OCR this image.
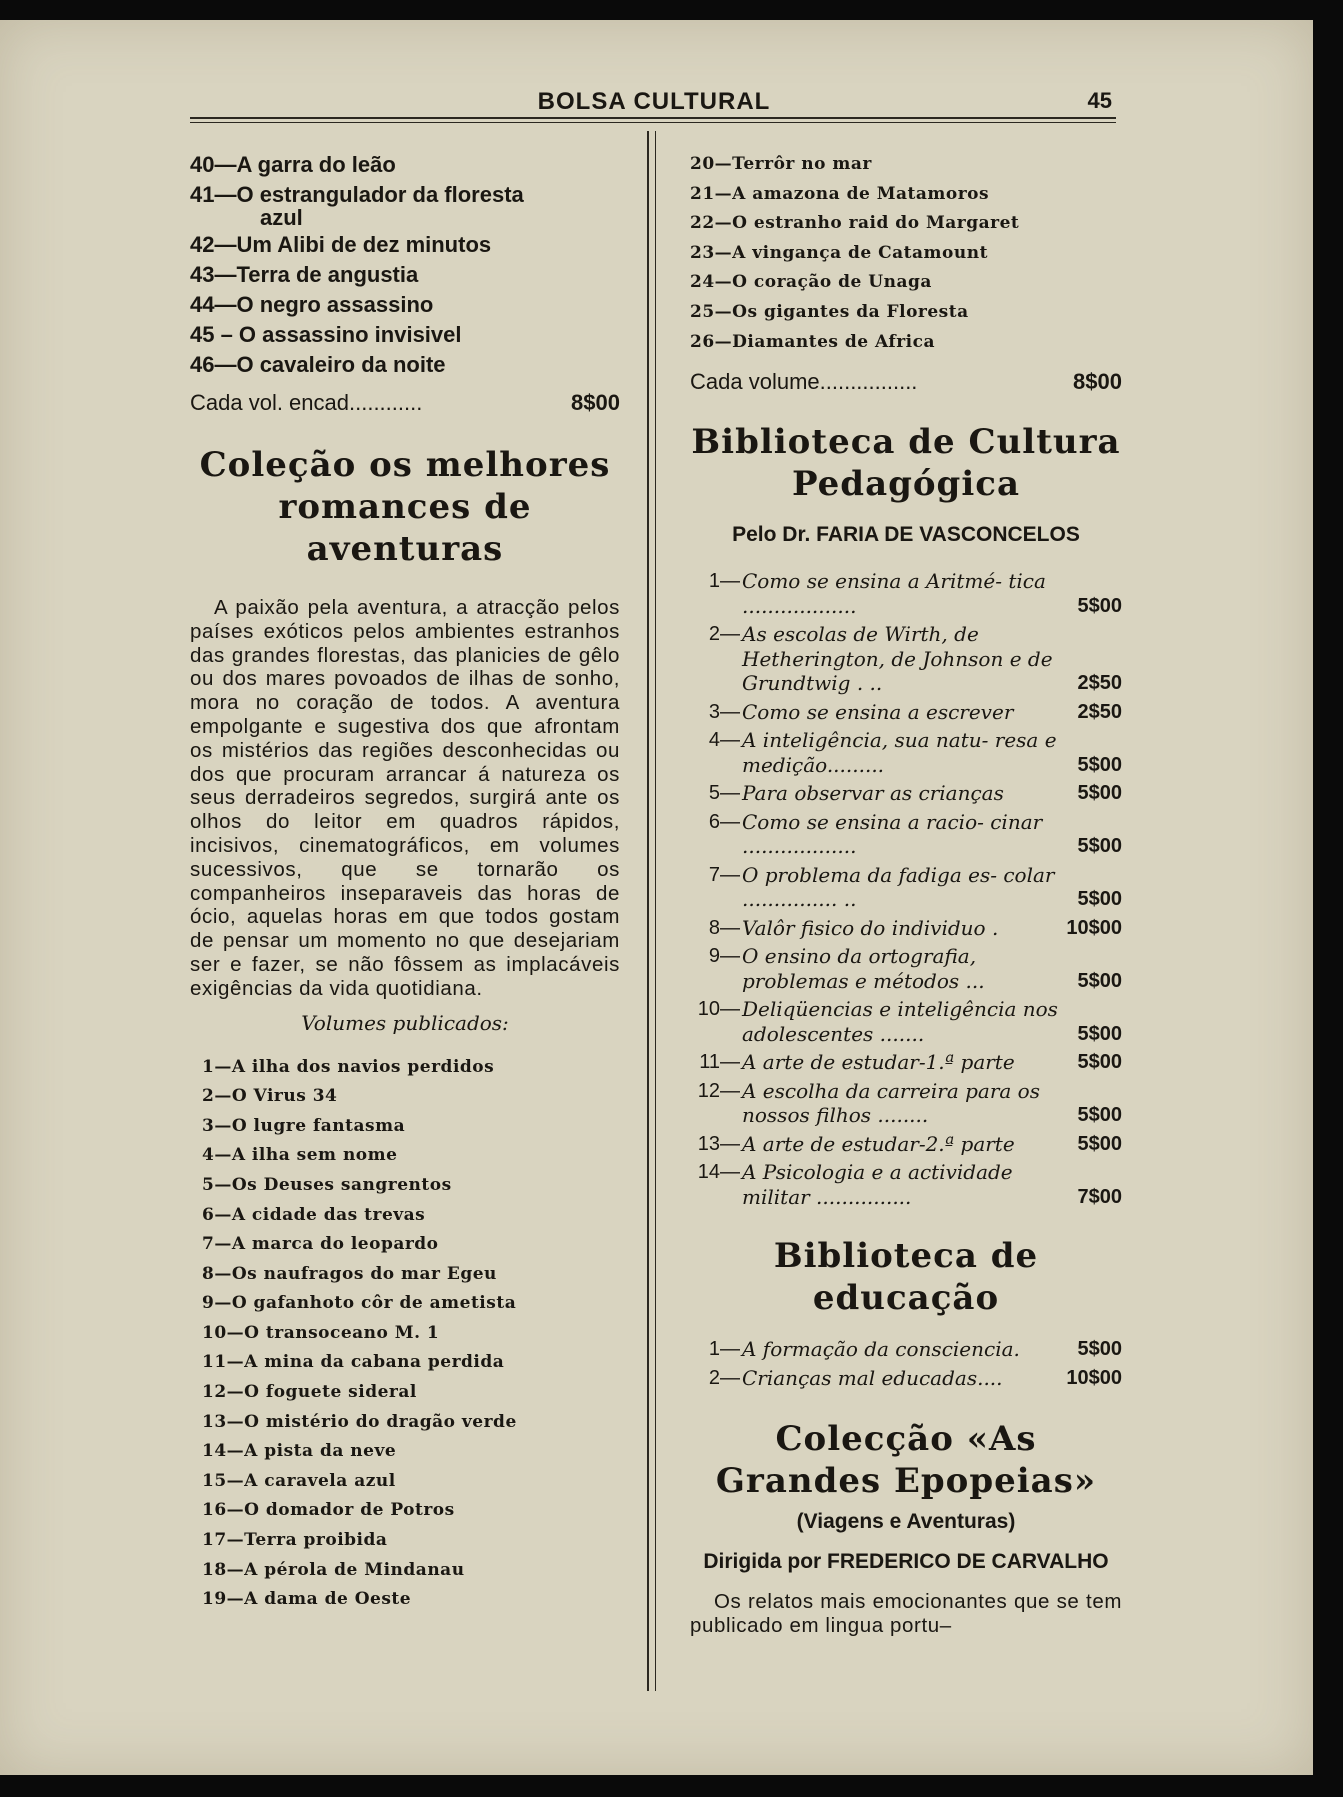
BOLSA CULTURAL	45
40—A garra do leão
41—O estrangulador da floresta
azul
42—Um Alibi de dez minutos
43—Terra de angustia
44—O negro assassino
45 – O assassino invisivel
46—O cavaleiro da noite
Cada vol. encad............	8$00
Coleção os melhores romances de aventuras
A paixão pela aventura, a atracção pelos países exóticos pelos ambientes estranhos das grandes florestas, das planicies de gêlo ou dos mares povoados de ilhas de sonho, mora no coração de todos. A aventura empolgante e sugestiva dos que afrontam os mistérios das regiões desconhecidas ou dos que procuram arrancar á natureza os seus derradeiros segredos, surgirá ante os olhos do leitor em quadros rápidos, incisivos, cinematográficos, em volumes sucessivos, que se tornarão os companheiros inseparaveis das horas de ócio, aquelas horas em que todos gostam de pensar um momento no que desejariam ser e fazer, se não fôssem as implacáveis exigências da vida quotidiana.
Volumes publicados:
1—A ilha dos navios perdidos
2—O Virus 34
3—O lugre fantasma
4—A ilha sem nome
5—Os Deuses sangrentos
6—A cidade das trevas
7—A marca do leopardo
8—Os naufragos do mar Egeu
9—O gafanhoto côr de ametista
10—O transoceano M. 1
11—A mina da cabana perdida
12—O foguete sideral
13—O mistério do dragão verde
14—A pista da neve
15—A caravela azul
16—O domador de Potros
17—Terra proibida
18—A pérola de Mindanau
19—A dama de Oeste
20—Terrôr no mar
21—A amazona de Matamoros
22—O estranho raid do Margaret
23—A vingança de Catamount
24—O coração de Unaga
25—Os gigantes da Floresta
26—Diamantes de Africa
Cada volume................	8$00
Biblioteca de Cultura Pedagógica
Pelo Dr. FARIA DE VASCONCELOS
1— Como se ensina a Aritmé- tica ..................	5$00
2— As escolas de Wirth, de Hetherington, de Johnson e de Grundtwig . ..	2$50
3— Como se ensina a escrever	2$50
4— A inteligência, sua natu- resa e medição.........	5$00
5— Para observar as crianças	5$00
6— Como se ensina a racio- cinar ..................	5$00
7— O problema da fadiga es- colar ............... ..	5$00
8— Valôr fisico do individuo .	10$00
9— O ensino da ortografia, problemas e métodos ...	5$00
10— Deliqüencias e inteligência nos adolescentes .......	5$00
11— A arte de estudar-1.ª parte	5$00
12— A escolha da carreira para os nossos filhos ........	5$00
13— A arte de estudar-2.ª parte	5$00
14— A Psicologia e a actividade militar ...............	7$00
Biblioteca de educação
1— A formação da consciencia.	5$00
2— Crianças mal educadas....	10$00
Colecção «As Grandes Epopeias»
(Viagens e Aventuras)
Dirigida por FREDERICO DE CARVALHO
Os relatos mais emocionantes que se tem publicado em lingua portu–
